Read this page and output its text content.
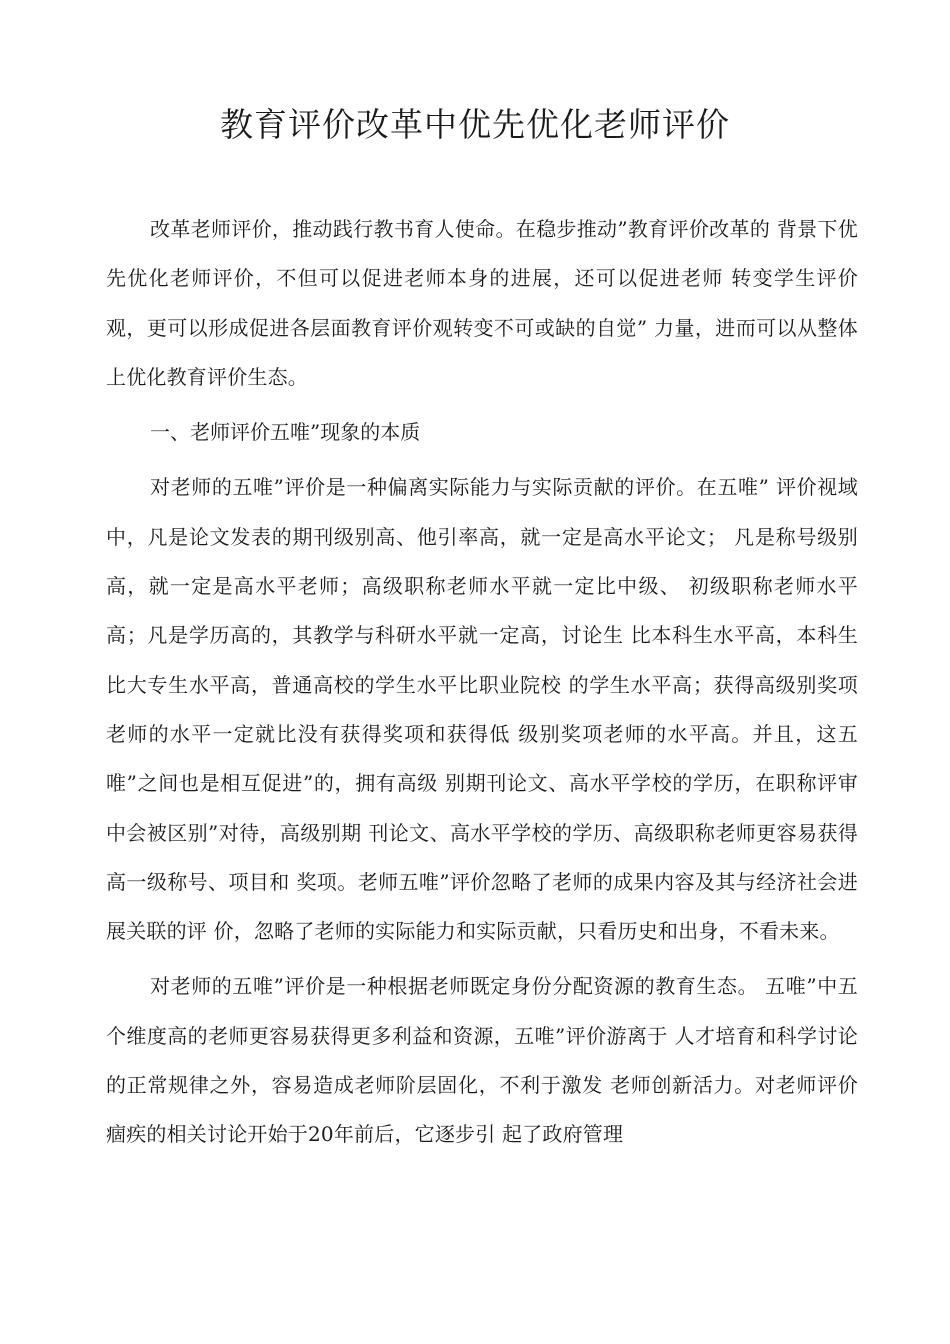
教育评价改革中优先优化老师评价

改革老师评价，推动践行教书育人使命。在稳步推动”教育评价改革的 背景下优先优化老师评价，不但可以促进老师本身的进展，还可以促进老师 转变学生评价观，更可以形成促进各层面教育评价观转变不可或缺的自觉” 力量，进而可以从整体上优化教育评价生态。

一、老师评价五唯”现象的本质

对老师的五唯”评价是一种偏离实际能力与实际贡献的评价。在五唯” 评价视域中，凡是论文发表的期刊级别高、他引率高，就一定是高水平论文； 凡是称号级别高，就一定是高水平老师；高级职称老师水平就一定比中级、 初级职称老师水平高；凡是学历高的，其教学与科研水平就一定高，讨论生 比本科生水平高，本科生比大专生水平高，普通高校的学生水平比职业院校 的学生水平高；获得高级别奖项老师的水平一定就比没有获得奖项和获得低 级别奖项老师的水平高。并且，这五唯”之间也是相互促进”的，拥有高级 别期刊论文、高水平学校的学历，在职称评审中会被区别”对待，高级别期 刊论文、高水平学校的学历、高级职称老师更容易获得高一级称号、项目和 奖项。老师五唯”评价忽略了老师的成果内容及其与经济社会进展关联的评 价，忽略了老师的实际能力和实际贡献，只看历史和出身，不看未来。

对老师的五唯”评价是一种根据老师既定身份分配资源的教育生态。 五唯”中五个维度高的老师更容易获得更多利益和资源，五唯”评价游离于 人才培育和科学讨论的正常规律之外，容易造成老师阶层固化，不利于激发 老师创新活力。对老师评价痼疾的相关讨论开始于20年前后，它逐步引 起了政府管理
